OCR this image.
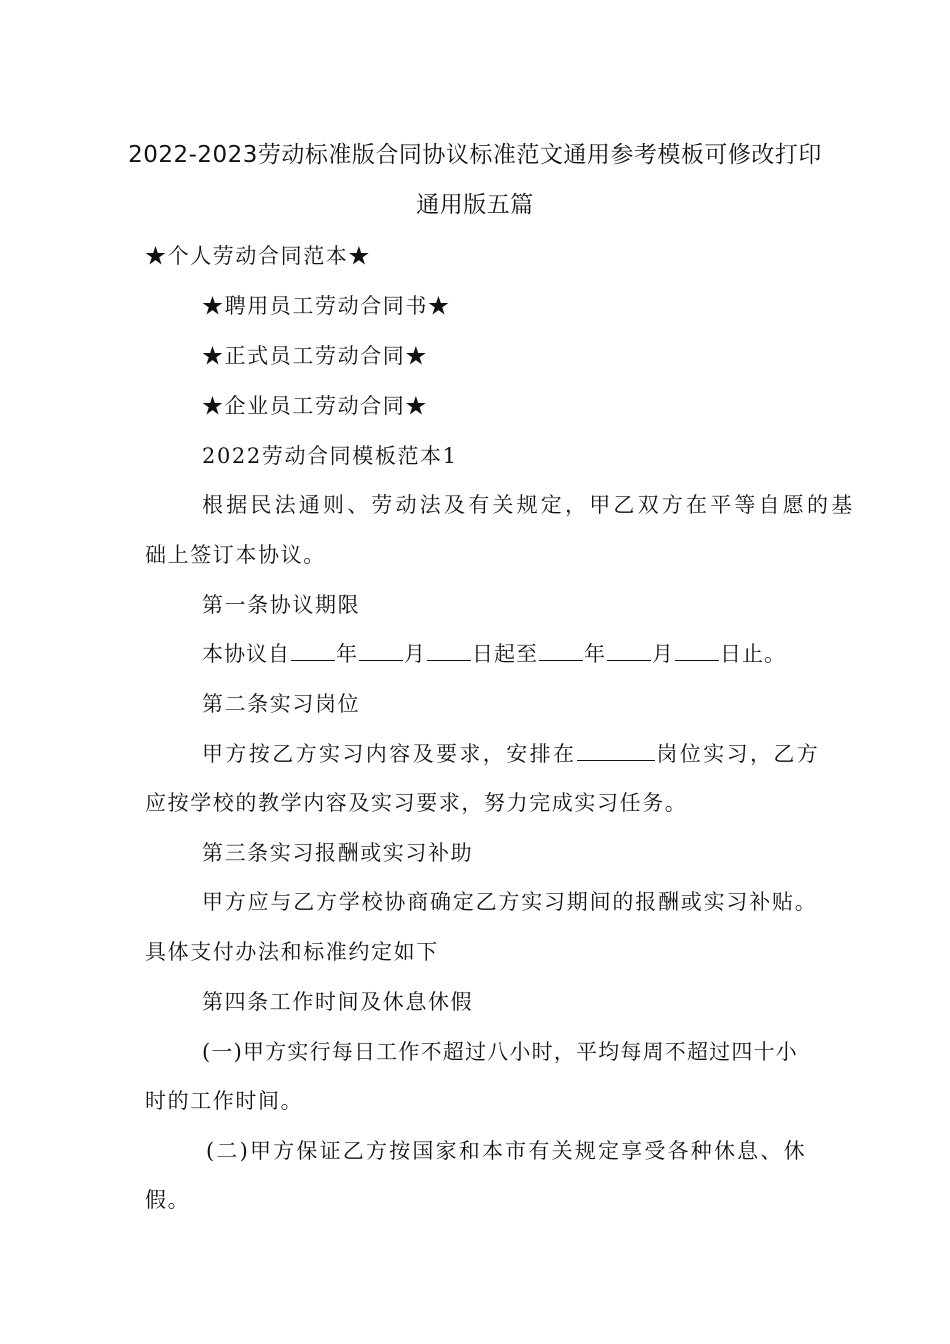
2022-2023劳动标准版合同协议标准范文通用参考模板可修改打印
通用版五篇
★个人劳动合同范本★
★聘用员工劳动合同书★
★正式员工劳动合同★
★企业员工劳动合同★
2022劳动合同模板范本1
根据民法通则、劳动法及有关规定，甲乙双方在平等自愿的基
础上签订本协议。
第一条协议期限
本协议自 年 月 日起至 年 月 日止。
第二条实习岗位
甲方按乙方实习内容及要求，安排在	岗位实习，乙方
应按学校的教学内容及实习要求，努力完成实习任务。
第三条实习报酬或实习补助
甲方应与乙方学校协商确定乙方实习期间的报酬或实习补贴。
具体支付办法和标准约定如下
第四条工作时间及休息休假
(一)甲方实行每日工作不超过八小时，平均每周不超过四十小
时的工作时间。
(二)甲方保证乙方按国家和本市有关规定享受各种休息、休
假。
